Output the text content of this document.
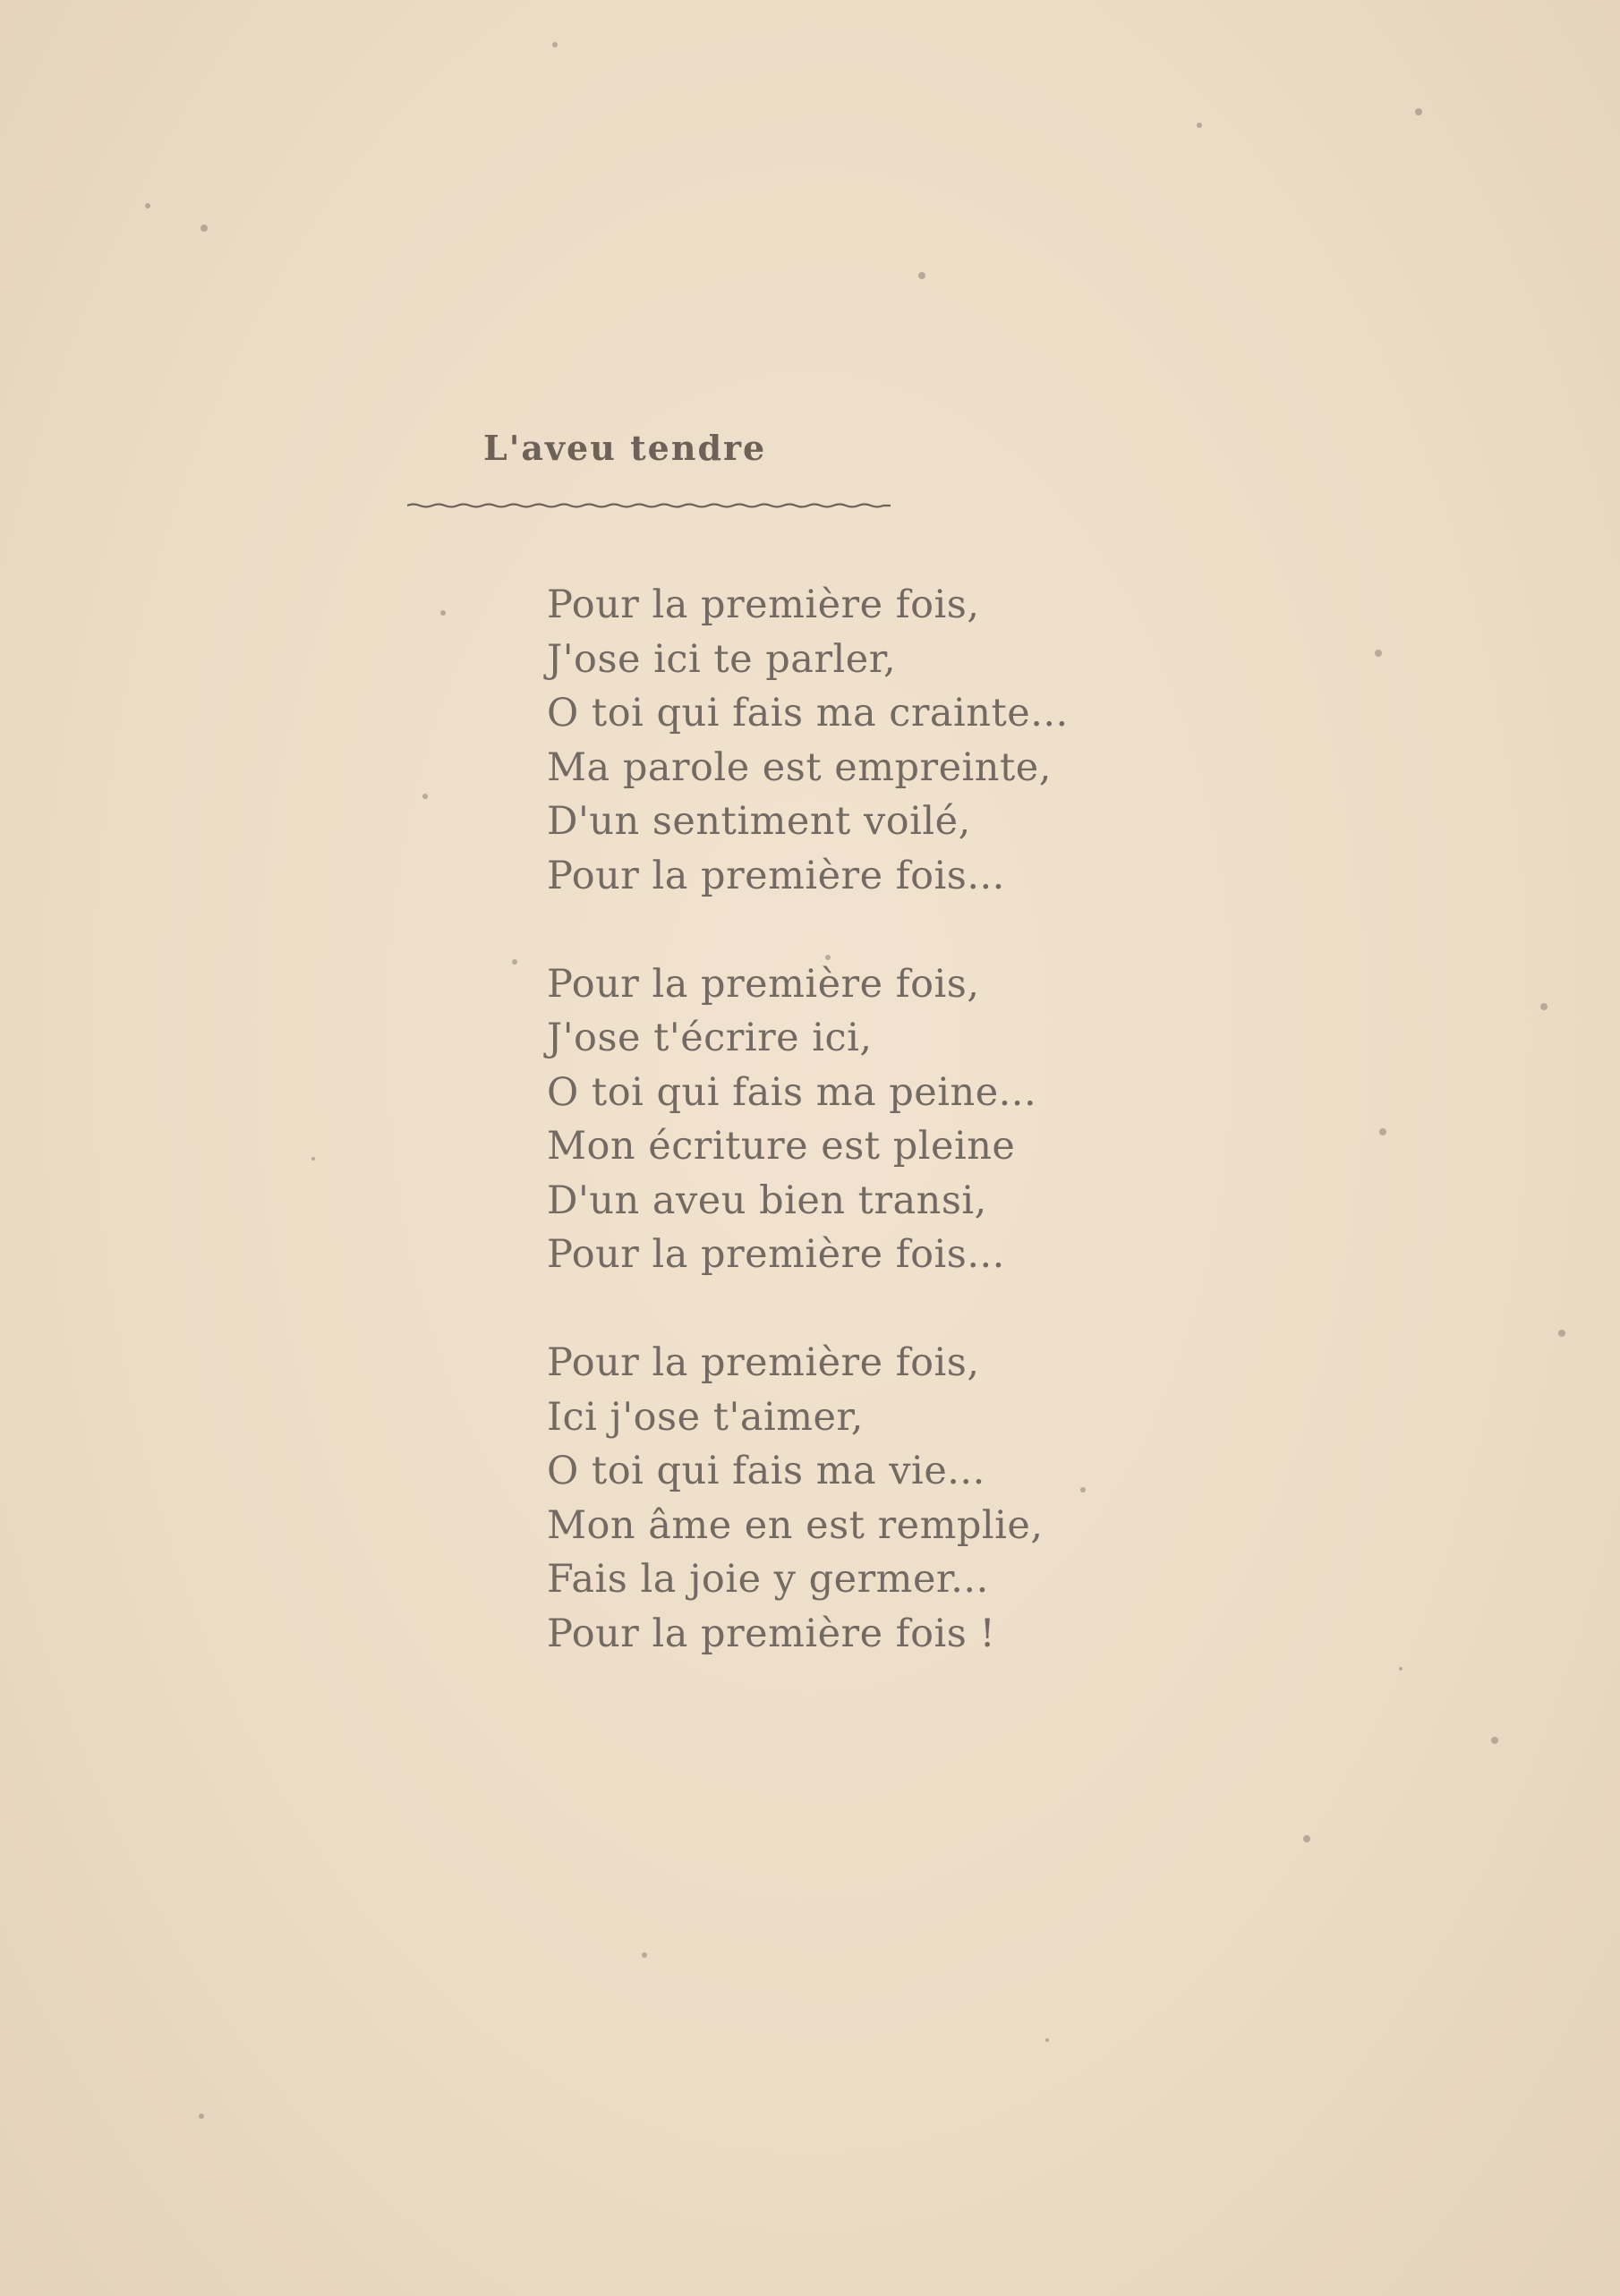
L'aveu tendre
Pour la première fois,
J'ose ici te parler,
O toi qui fais ma crainte...
Ma parole est empreinte,
D'un sentiment voilé,
Pour la première fois...
Pour la première fois,
J'ose t'écrire ici,
O toi qui fais ma peine...
Mon écriture est pleine
D'un aveu bien transi,
Pour la première fois...
Pour la première fois,
Ici j'ose t'aimer,
O toi qui fais ma vie...
Mon âme en est remplie,
Fais la joie y germer...
Pour la première fois !
